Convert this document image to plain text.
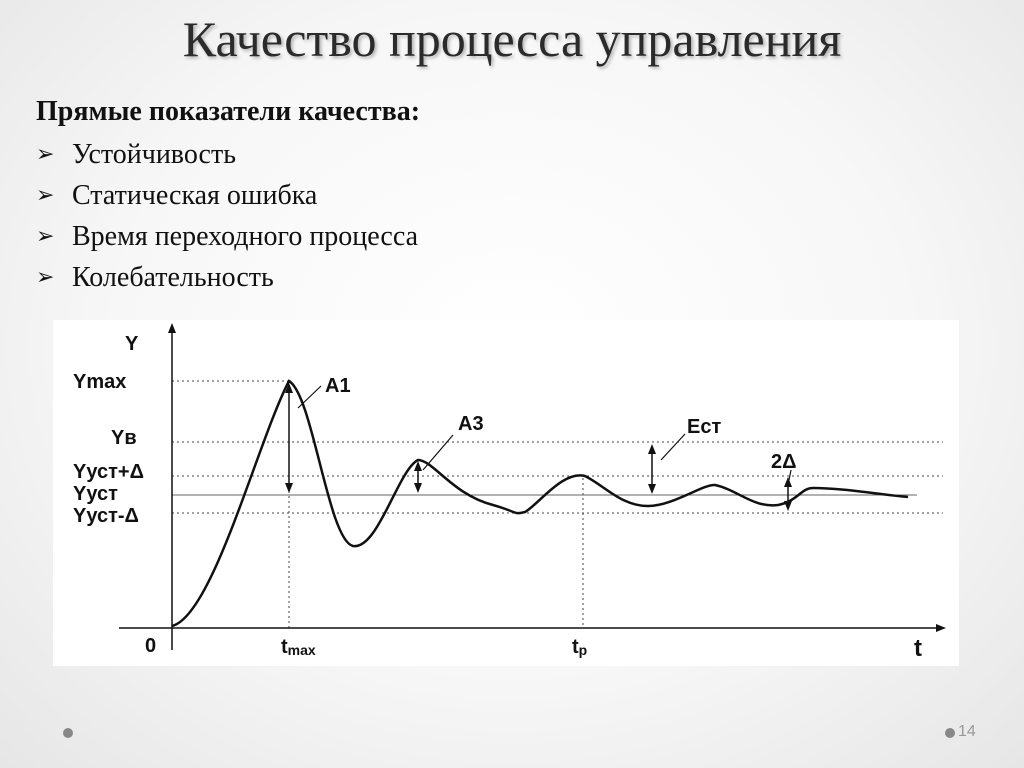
Качество процесса управления
Прямые показатели качества:
➢ Устойчивость
➢ Статическая ошибка
➢ Время переходного процесса
➢ Колебательность
Y
t
0
Ymax
Yв
Yуст+Δ
Yуст
Yуст-Δ
tmax	tр
A1
A3	Eст
2Δ
14
